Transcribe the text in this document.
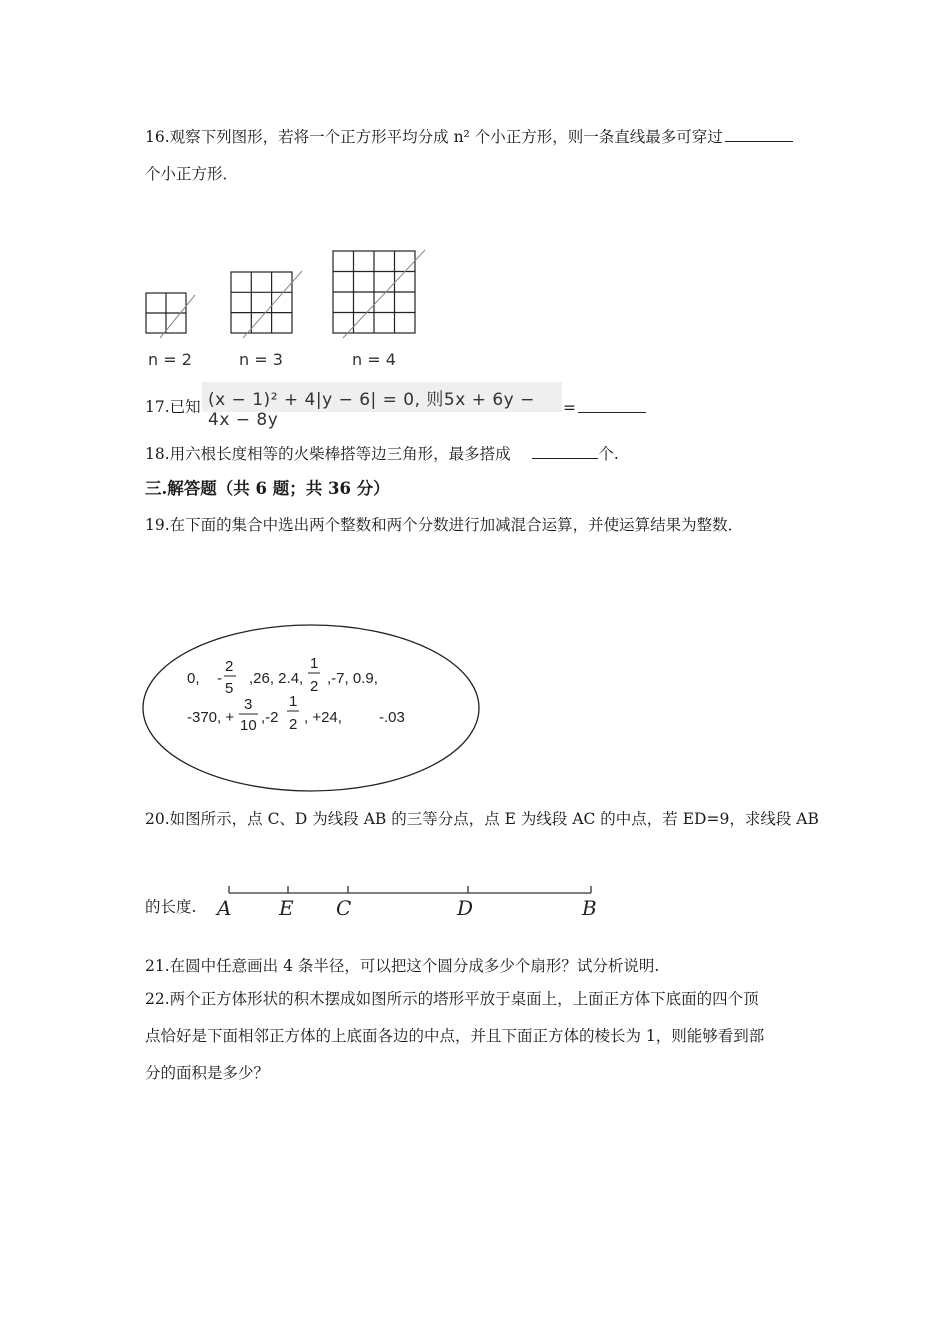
16.观察下列图形，若将一个正方形平均分成 n² 个小正方形，则一条直线最多可穿过
个小正方形．
n = 2	n = 3	n = 4
17.已知 (x − 1)² + 4|y − 6| = 0, 则5x + 6y − 4x − 8y
=
18.用六根长度相等的火柴棒搭等边三角形，最多搭成	个.
三.解答题（共 6 题；共 36 分）
19.在下面的集合中选出两个整数和两个分数进行加减混合运算，并使运算结果为整数．
0, -
2
5
,26, 2.4,
1
2 ,-7, 0.9,
-370, +
3
10 ,-2
1
2 , +24, -.03
20.如图所示，点 C、D 为线段 AB 的三等分点，点 E 为线段 AC 的中点，若 ED=9，求线段 AB
的长度. A E C	D	B
21.在圆中任意画出 4 条半径，可以把这个圆分成多少个扇形？试分析说明.
22.两个正方体形状的积木摆成如图所示的塔形平放于桌面上，上面正方体下底面的四个顶
点恰好是下面相邻正方体的上底面各边的中点，并且下面正方体的棱长为 1，则能够看到部
分的面积是多少？
